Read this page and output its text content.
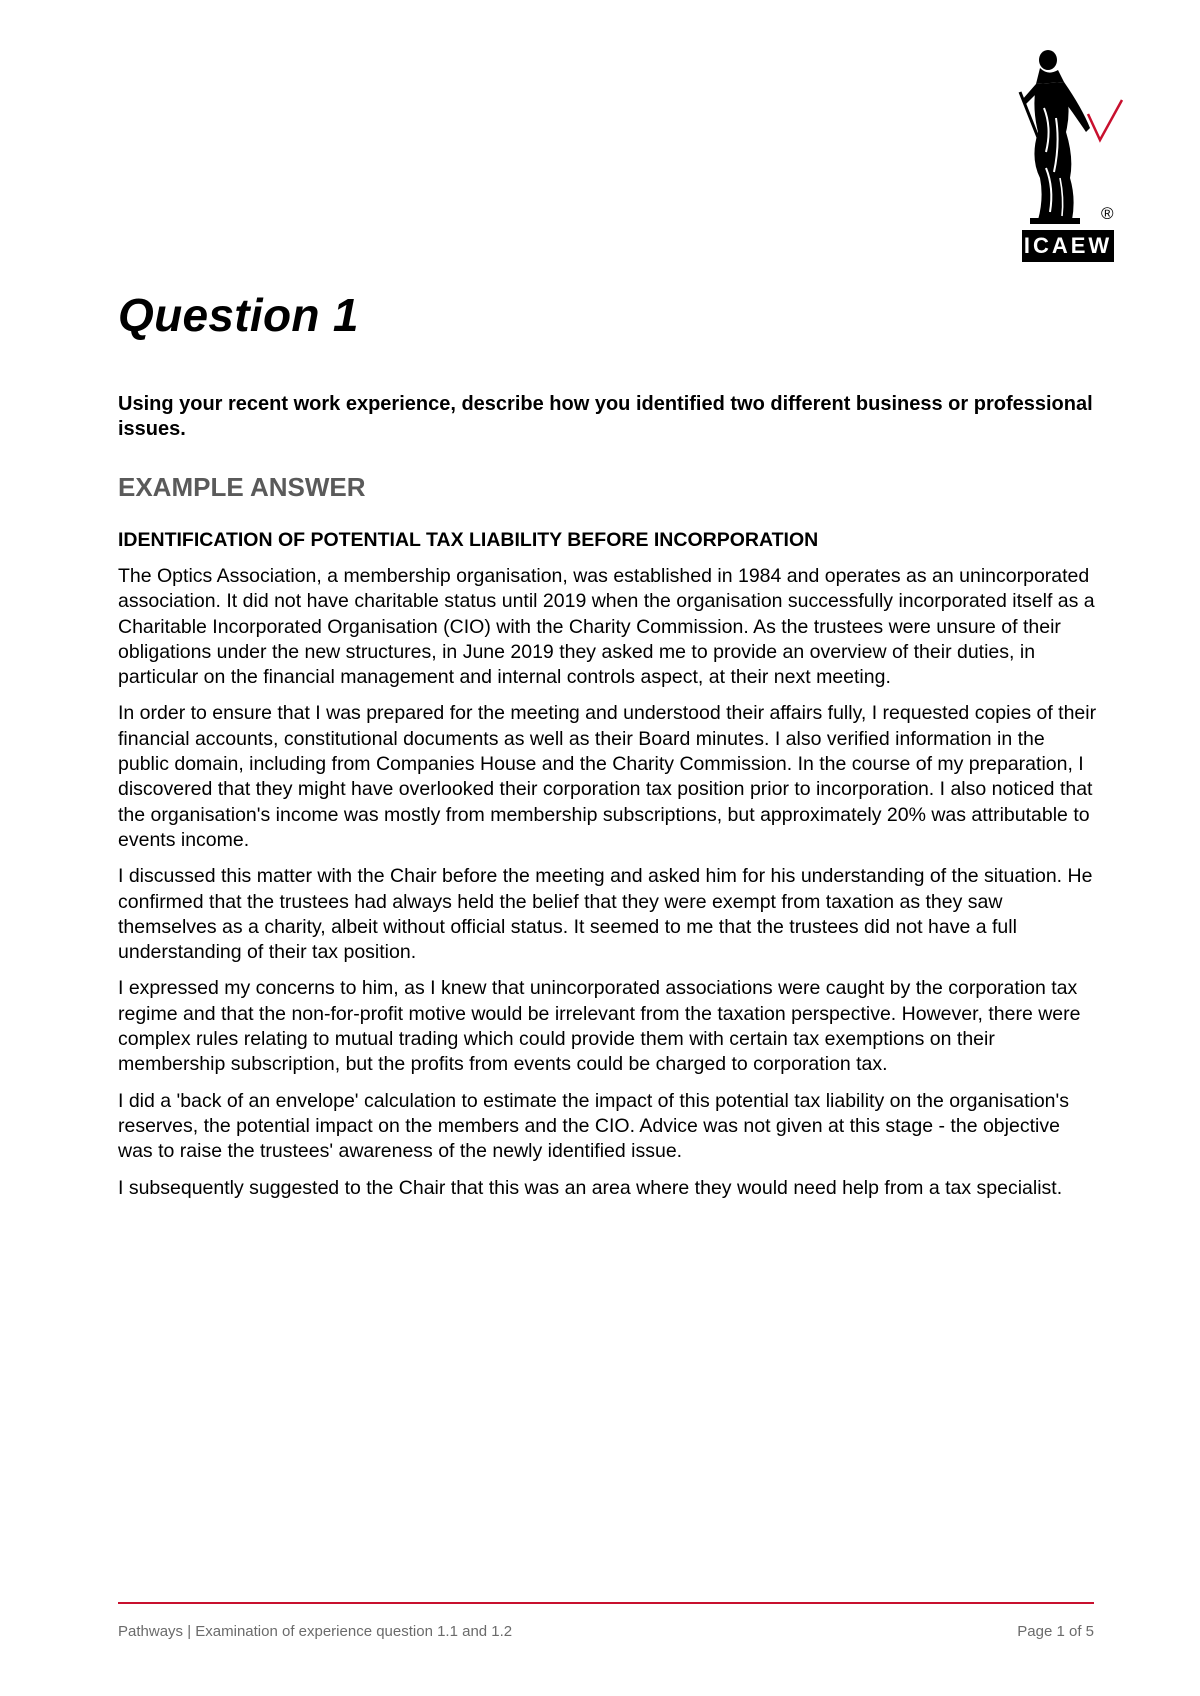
®
ICAEW
Question 1

Using your recent work experience, describe how you identified two different business or professional issues.

EXAMPLE ANSWER
IDENTIFICATION OF POTENTIAL TAX LIABILITY BEFORE INCORPORATION

The Optics Association, a membership organisation, was established in 1984 and operates as an unincorporated association. It did not have charitable status until 2019 when the organisation successfully incorporated itself as a Charitable Incorporated Organisation (CIO) with the Charity Commission. As the trustees were unsure of their obligations under the new structures, in June 2019 they asked me to provide an overview of their duties, in particular on the financial management and internal controls aspect, at their next meeting.

In order to ensure that I was prepared for the meeting and understood their affairs fully, I requested copies of their financial accounts, constitutional documents as well as their Board minutes. I also verified information in the public domain, including from Companies House and the Charity Commission. In the course of my preparation, I discovered that they might have overlooked their corporation tax position prior to incorporation. I also noticed that the organisation's income was mostly from membership subscriptions, but approximately 20% was attributable to events income.

I discussed this matter with the Chair before the meeting and asked him for his understanding of the situation. He confirmed that the trustees had always held the belief that they were exempt from taxation as they saw themselves as a charity, albeit without official status. It seemed to me that the trustees did not have a full understanding of their tax position.

I expressed my concerns to him, as I knew that unincorporated associations were caught by the corporation tax regime and that the non-for-profit motive would be irrelevant from the taxation perspective. However, there were complex rules relating to mutual trading which could provide them with certain tax exemptions on their membership subscription, but the profits from events could be charged to corporation tax.

I did a 'back of an envelope' calculation to estimate the impact of this potential tax liability on the organisation's reserves, the potential impact on the members and the CIO. Advice was not given at this stage - the objective was to raise the trustees' awareness of the newly identified issue.

I subsequently suggested to the Chair that this was an area where they would need help from a tax specialist.

Pathways | Examination of experience question 1.1 and 1.2	Page 1 of 5
